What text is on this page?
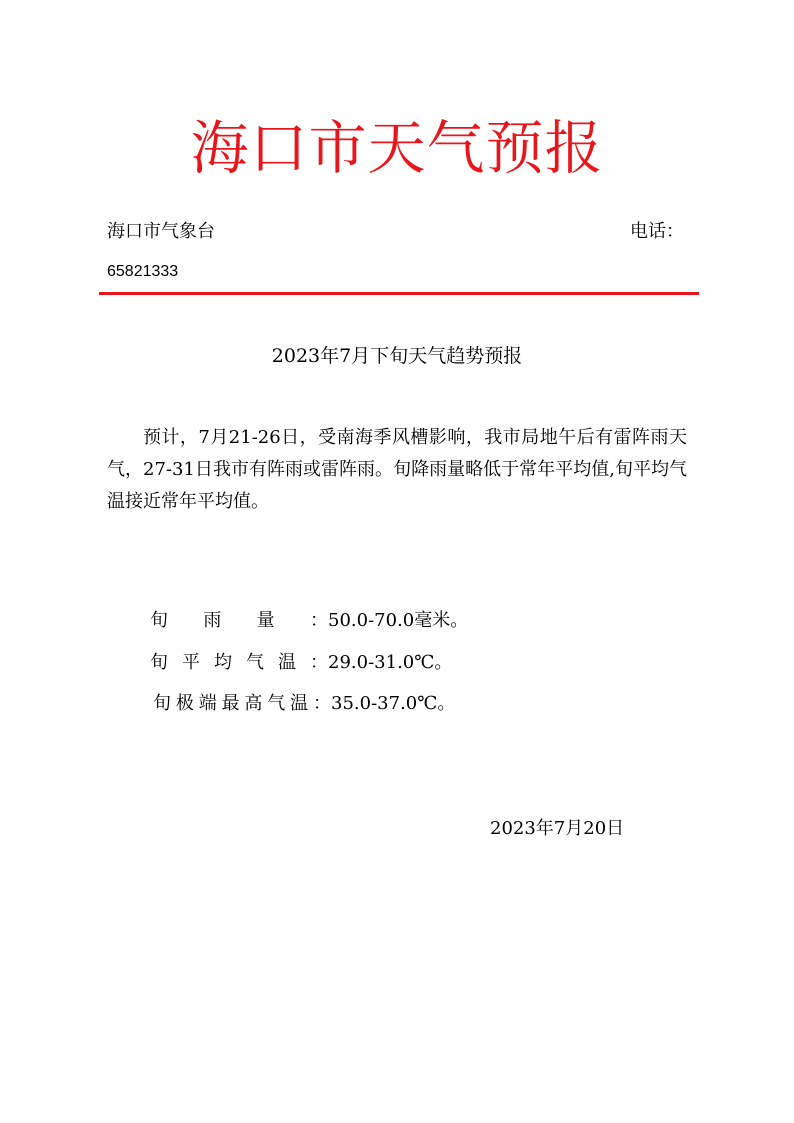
海口市天气预报
海口市气象台	电话：
65821333
2023年7月下旬天气趋势预报
预计，7月21-26日，受南海季风槽影响，我市局地午后有雷阵雨天气，27-31日我市有阵雨或雷阵雨。旬降雨量略低于常年平均值,旬平均气温接近常年平均值。
旬雨量：50.0-70.0毫米。
旬平均气温：29.0-31.0℃。
旬极端最高气温：35.0-37.0℃。
2023年7月20日
